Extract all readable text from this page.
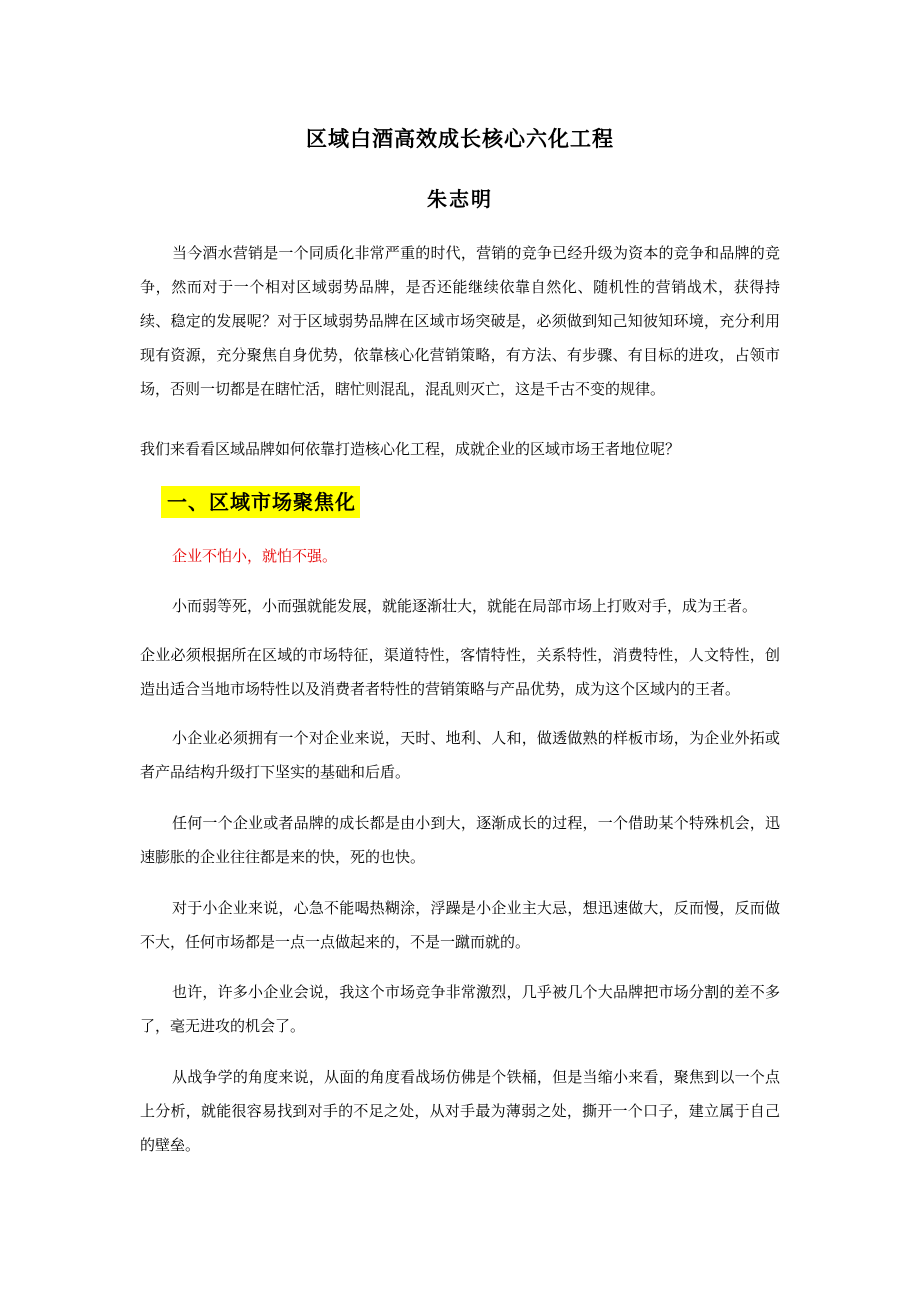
区域白酒高效成长核心六化工程
朱志明

当今酒水营销是一个同质化非常严重的时代，营销的竞争已经升级为资本的竞争和品牌的竞争，然而对于一个相对区域弱势品牌，是否还能继续依靠自然化、随机性的营销战术，获得持续、稳定的发展呢？对于区域弱势品牌在区域市场突破是，必须做到知己知彼知环境，充分利用现有资源，充分聚焦自身优势，依靠核心化营销策略，有方法、有步骤、有目标的进攻，占领市场，否则一切都是在瞎忙活，瞎忙则混乱，混乱则灭亡，这是千古不变的规律。

我们来看看区域品牌如何依靠打造核心化工程，成就企业的区域市场王者地位呢？

一、区域市场聚焦化

企业不怕小，就怕不强。

小而弱等死，小而强就能发展，就能逐渐壮大，就能在局部市场上打败对手，成为王者。

企业必须根据所在区域的市场特征，渠道特性，客情特性，关系特性，消费特性，人文特性，创造出适合当地市场特性以及消费者者特性的营销策略与产品优势，成为这个区域内的王者。

小企业必须拥有一个对企业来说，天时、地利、人和，做透做熟的样板市场，为企业外拓或者产品结构升级打下坚实的基础和后盾。

任何一个企业或者品牌的成长都是由小到大，逐渐成长的过程，一个借助某个特殊机会，迅速膨胀的企业往往都是来的快，死的也快。

对于小企业来说，心急不能喝热糊涂，浮躁是小企业主大忌，想迅速做大，反而慢，反而做不大，任何市场都是一点一点做起来的，不是一蹴而就的。

也许，许多小企业会说，我这个市场竞争非常激烈，几乎被几个大品牌把市场分割的差不多了，毫无进攻的机会了。

从战争学的角度来说，从面的角度看战场仿佛是个铁桶，但是当缩小来看，聚焦到以一个点上分析，就能很容易找到对手的不足之处，从对手最为薄弱之处，撕开一个口子，建立属于自己的壁垒。
